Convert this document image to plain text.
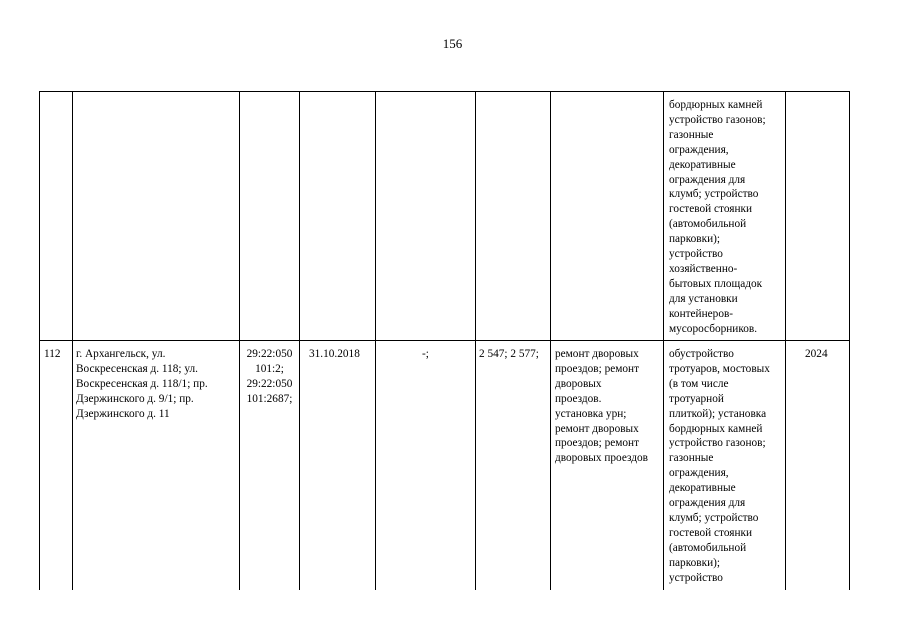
156
бордюрных камней
устройство газонов;
газонные
ограждения,
декоративные
ограждения для
клумб; устройство
гостевой стоянки
(автомобильной
парковки);
устройство
хозяйственно-
бытовых площадок
для установки
контейнеров-
мусоросборников.
112 г. Архангельск, ул.
Воскресенская д. 118; ул.
Воскресенская д. 118/1; пр.
Дзержинского д. 9/1; пр.
Дзержинского д. 11
29:22:050
101:2;
29:22:050
101:2687;
31.10.2018	-;	2 547; 2 577; ремонт дворовых
проездов; ремонт
дворовых
проездов.
установка урн;
ремонт дворовых
проездов; ремонт
дворовых проездов
обустройство
тротуаров, мостовых
(в том числе
тротуарной
плиткой); установка
бордюрных камней
устройство газонов;
газонные
ограждения,
декоративные
ограждения для
клумб; устройство
гостевой стоянки
(автомобильной
парковки);
устройство
2024
